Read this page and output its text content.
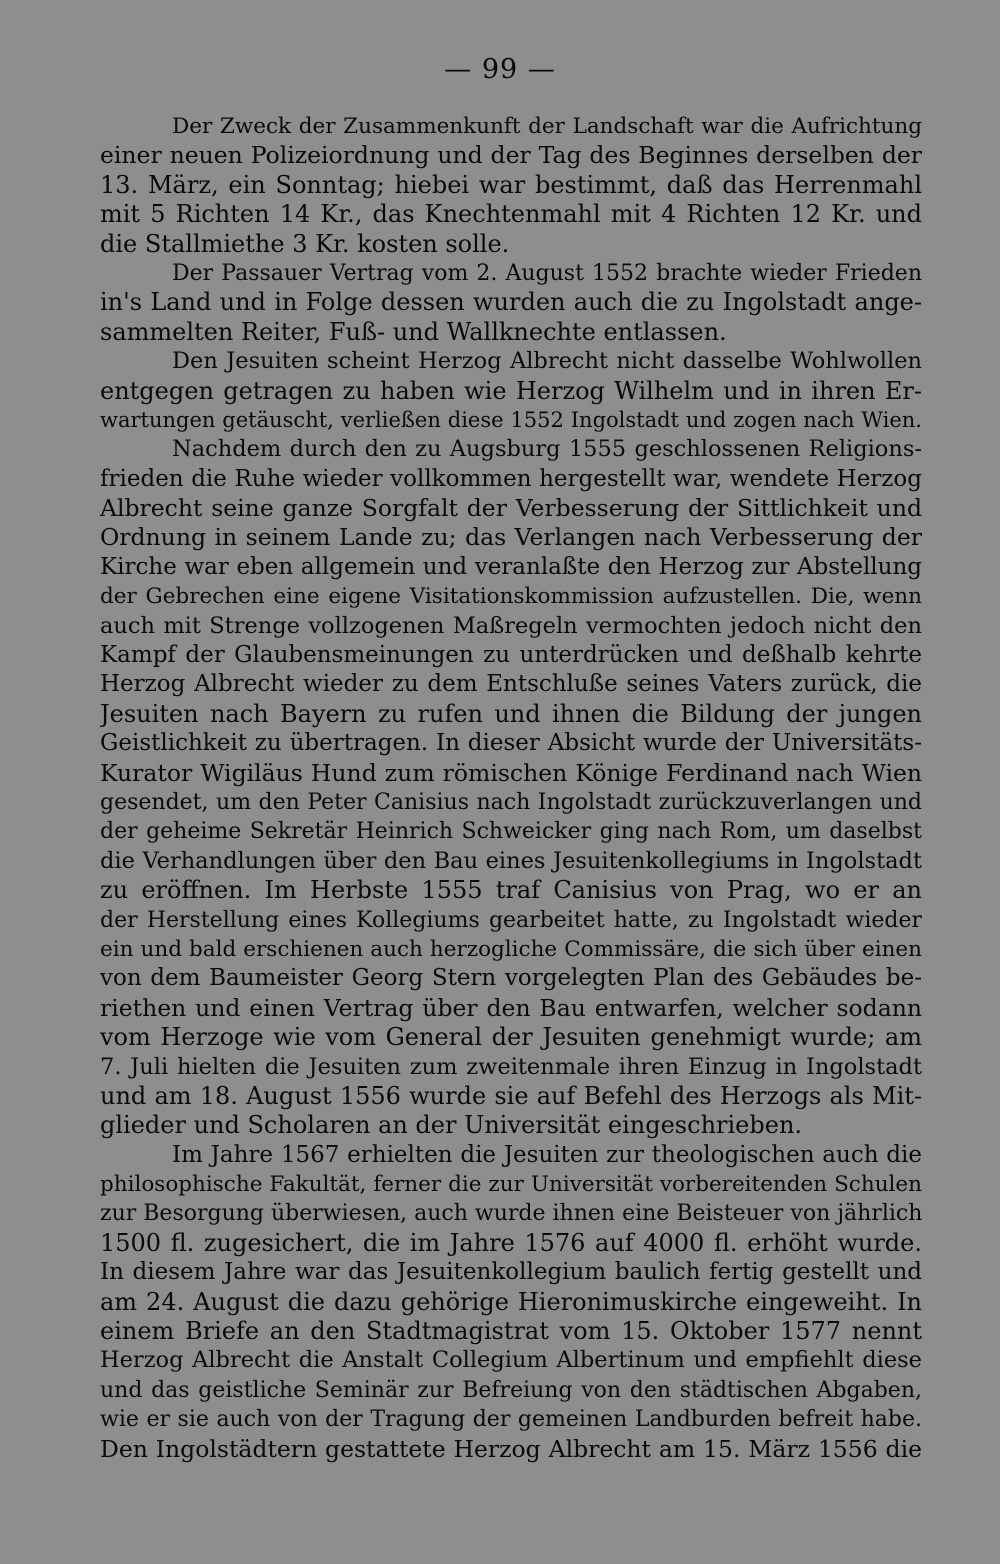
— 99 —
Der Zweck der Zusammenkunft der Landschaft war die Aufrichtung
einer neuen Polizeiordnung und der Tag des Beginnes derselben der
13. März, ein Sonntag; hiebei war bestimmt, daß das Herrenmahl
mit 5 Richten 14 Kr., das Knechtenmahl mit 4 Richten 12 Kr. und
die Stallmiethe 3 Kr. kosten solle.
Der Passauer Vertrag vom 2. August 1552 brachte wieder Frieden
in's Land und in Folge dessen wurden auch die zu Ingolstadt ange-
sammelten Reiter, Fuß- und Wallknechte entlassen.
Den Jesuiten scheint Herzog Albrecht nicht dasselbe Wohlwollen
entgegen getragen zu haben wie Herzog Wilhelm und in ihren Er-
wartungen getäuscht, verließen diese 1552 Ingolstadt und zogen nach Wien.
Nachdem durch den zu Augsburg 1555 geschlossenen Religions-
frieden die Ruhe wieder vollkommen hergestellt war, wendete Herzog
Albrecht seine ganze Sorgfalt der Verbesserung der Sittlichkeit und
Ordnung in seinem Lande zu; das Verlangen nach Verbesserung der
Kirche war eben allgemein und veranlaßte den Herzog zur Abstellung
der Gebrechen eine eigene Visitationskommission aufzustellen. Die, wenn
auch mit Strenge vollzogenen Maßregeln vermochten jedoch nicht den
Kampf der Glaubensmeinungen zu unterdrücken und deßhalb kehrte
Herzog Albrecht wieder zu dem Entschluße seines Vaters zurück, die
Jesuiten nach Bayern zu rufen und ihnen die Bildung der jungen
Geistlichkeit zu übertragen. In dieser Absicht wurde der Universitäts-
Kurator Wigiläus Hund zum römischen Könige Ferdinand nach Wien
gesendet, um den Peter Canisius nach Ingolstadt zurückzuverlangen und
der geheime Sekretär Heinrich Schweicker ging nach Rom, um daselbst
die Verhandlungen über den Bau eines Jesuitenkollegiums in Ingolstadt
zu eröffnen. Im Herbste 1555 traf Canisius von Prag, wo er an
der Herstellung eines Kollegiums gearbeitet hatte, zu Ingolstadt wieder
ein und bald erschienen auch herzogliche Commissäre, die sich über einen
von dem Baumeister Georg Stern vorgelegten Plan des Gebäudes be-
riethen und einen Vertrag über den Bau entwarfen, welcher sodann
vom Herzoge wie vom General der Jesuiten genehmigt wurde; am
7. Juli hielten die Jesuiten zum zweitenmale ihren Einzug in Ingolstadt
und am 18. August 1556 wurde sie auf Befehl des Herzogs als Mit-
glieder und Scholaren an der Universität eingeschrieben.
Im Jahre 1567 erhielten die Jesuiten zur theologischen auch die
philosophische Fakultät, ferner die zur Universität vorbereitenden Schulen
zur Besorgung überwiesen, auch wurde ihnen eine Beisteuer von jährlich
1500 fl. zugesichert, die im Jahre 1576 auf 4000 fl. erhöht wurde.
In diesem Jahre war das Jesuitenkollegium baulich fertig gestellt und
am 24. August die dazu gehörige Hieronimuskirche eingeweiht. In
einem Briefe an den Stadtmagistrat vom 15. Oktober 1577 nennt
Herzog Albrecht die Anstalt Collegium Albertinum und empfiehlt diese
und das geistliche Seminär zur Befreiung von den städtischen Abgaben,
wie er sie auch von der Tragung der gemeinen Landburden befreit habe.
Den Ingolstädtern gestattete Herzog Albrecht am 15. März 1556 die
